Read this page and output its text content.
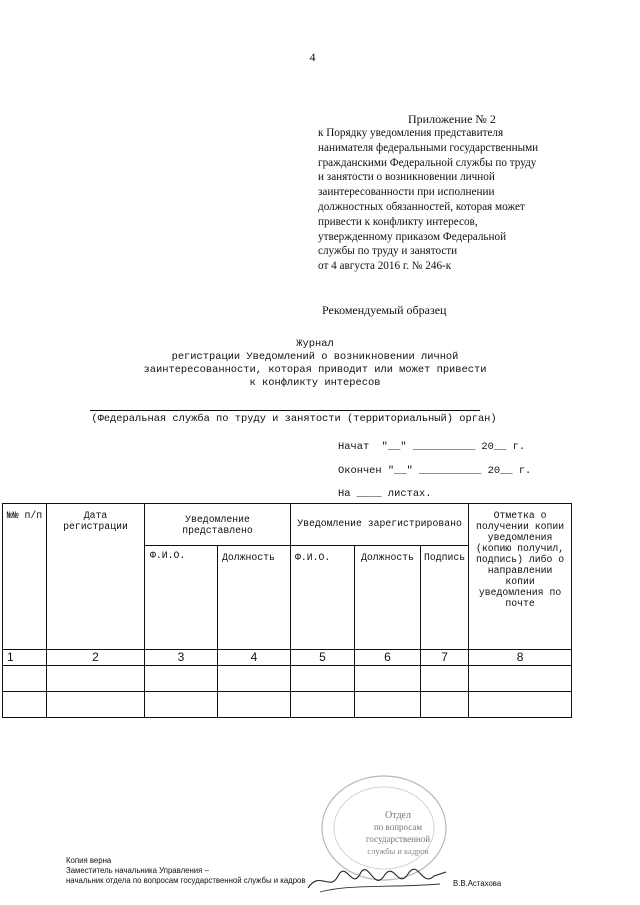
4
Приложение № 2
к Порядку уведомления представителя
нанимателя федеральными государственными
гражданскими Федеральной службы по труду
и занятости о возникновении личной
заинтересованности при исполнении
должностных обязанностей, которая может
привести к конфликту интересов,
утвержденному приказом Федеральной
службы по труду и занятости
от 4 августа 2016 г. № 246-к
Рекомендуемый образец
Журнал
регистрации Уведомлений о возникновении личной
заинтересованности, которая приводит или может привести
к конфликту интересов
(Федеральная служба по труду и занятости (территориальный) орган)
Начат  "__" __________ 20__ г.
Окончен "__" __________ 20__ г.
На ____ листах.
№№ п/п	Дата регистрации	Уведомление представлено		Уведомление зарегистрировано			Отметка о получении копии уведомления (копию получил, подпись) либо о направлении копии уведомления по почте
		Ф.И.О.	Должность	Ф.И.О.	Должность	Подпись	
1	2	3	4	5	6	7	8

Отдел
по вопросам
государственной
службы и кадров
Копия верна
Заместитель начальника Управления –
начальник отдела по вопросам государственной службы и кадров	В.В.Астахова
